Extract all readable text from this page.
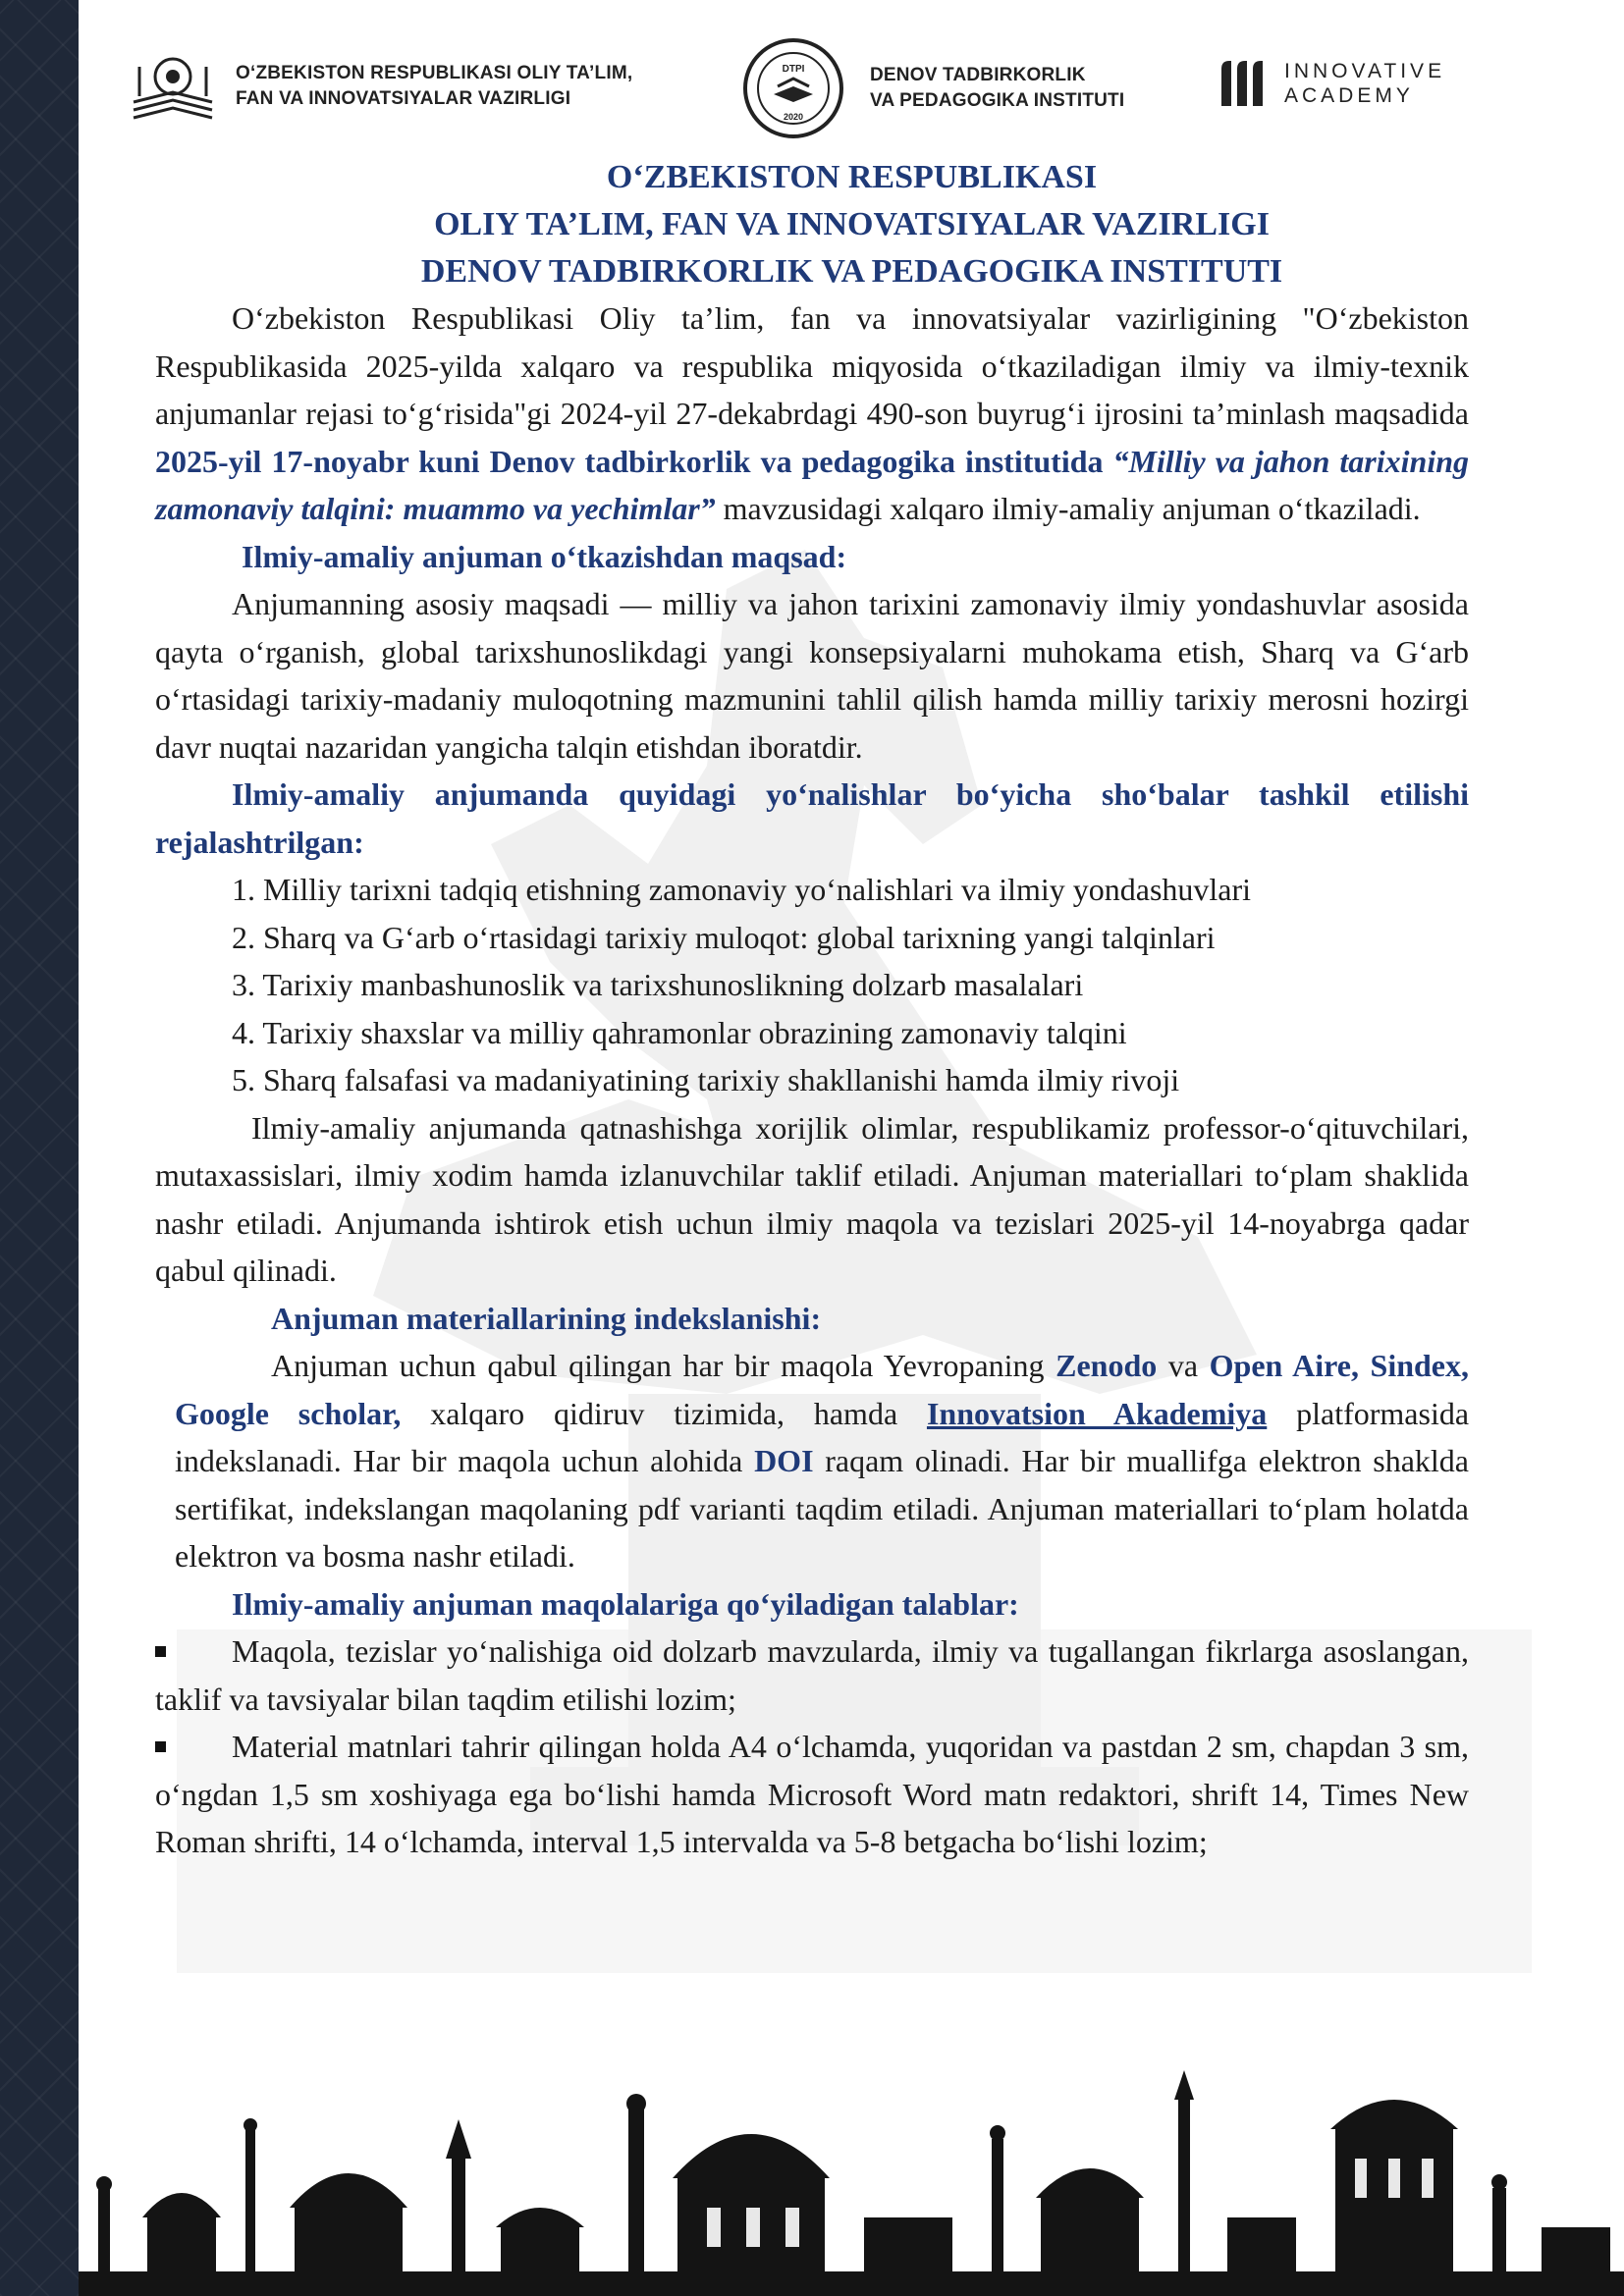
O‘ZBEKISTON RESPUBLIKASI OLIY TA’LIM,
FAN VA INNOVATSIYALAR VAZIRLIGI
DTPI
2020
DENOV TADBIRKORLIK
VA PEDAGOGIKA INSTITUTI
INNOVATIVE
ACADEMY
O‘ZBEKISTON RESPUBLIKASI
OLIY TA’LIM, FAN VA INNOVATSIYALAR VAZIRLIGI
DENOV TADBIRKORLIK VA PEDAGOGIKA INSTITUTI

O‘zbekiston Respublikasi Oliy ta’lim, fan va innovatsiyalar vazirligining "O‘zbekiston Respublikasida 2025-yilda xalqaro va respublika miqyosida o‘tkaziladigan ilmiy va ilmiy-texnik anjumanlar rejasi to‘g‘risida"gi 2024-yil 27-dekabrdagi 490-son buyrug‘i ijrosini ta’minlash maqsadida 2025-yil 17-noyabr kuni Denov tadbirkorlik va pedagogika institutida “Milliy va jahon tarixining zamonaviy talqini: muammo va yechimlar” mavzusidagi xalqaro ilmiy-amaliy anjuman o‘tkaziladi.

Ilmiy-amaliy anjuman o‘tkazishdan maqsad:

Anjumanning asosiy maqsadi — milliy va jahon tarixini zamonaviy ilmiy yondashuvlar asosida qayta o‘rganish, global tarixshunoslikdagi yangi konsepsiyalarni muhokama etish, Sharq va G‘arb o‘rtasidagi tarixiy-madaniy muloqotning mazmunini tahlil qilish hamda milliy tarixiy merosni hozirgi davr nuqtai nazaridan yangicha talqin etishdan iboratdir.

Ilmiy-amaliy anjumanda quyidagi yo‘nalishlar bo‘yicha sho‘balar tashkil etilishi rejalashtrilgan:

1. Milliy tarixni tadqiq etishning zamonaviy yo‘nalishlari va ilmiy yondashuvlari
2. Sharq va G‘arb o‘rtasidagi tarixiy muloqot: global tarixning yangi talqinlari
3. Tarixiy manbashunoslik va tarixshunoslikning dolzarb masalalari
4. Tarixiy shaxslar va milliy qahramonlar obrazining zamonaviy talqini
5. Sharq falsafasi va madaniyatining tarixiy shakllanishi hamda ilmiy rivoji

Ilmiy-amaliy anjumanda qatnashishga xorijlik olimlar, respublikamiz professor-o‘qituvchilari, mutaxassislari, ilmiy xodim hamda izlanuvchilar taklif etiladi. Anjuman materiallari to‘plam shaklida nashr etiladi. Anjumanda ishtirok etish uchun ilmiy maqola va tezislari 2025-yil 14-noyabrga qadar qabul qilinadi.

Anjuman materiallarining indekslanishi:

Anjuman uchun qabul qilingan har bir maqola Yevropaning Zenodo va Open Aire, Sindex, Google scholar, xalqaro qidiruv tizimida, hamda Innovatsion Akademiya platformasida indekslanadi. Har bir maqola uchun alohida DOI raqam olinadi. Har bir muallifga elektron shakldа sertifikat, indekslangan maqolaning pdf varianti taqdim etiladi. Anjuman materiallari to‘plam holatda elektron va bosma nashr etiladi.

Ilmiy-amaliy anjuman maqolalariga qo‘yiladigan talablar:

Maqola, tezislar yo‘nalishiga oid dolzarb mavzularda, ilmiy va tugallangan fikrlarga asoslangan, taklif va tavsiyalar bilan taqdim etilishi lozim;

Material matnlari tahrir qilingan holda A4 o‘lchamda, yuqoridan va pastdan 2 sm, chapdan 3 sm, o‘ngdan 1,5 sm xoshiyaga ega bo‘lishi hamda Microsoft Word matn redaktori, shrift 14, Times New Roman shrifti, 14 o‘lchamda, interval 1,5 intervalda va 5-8 betgacha bo‘lishi lozim;
